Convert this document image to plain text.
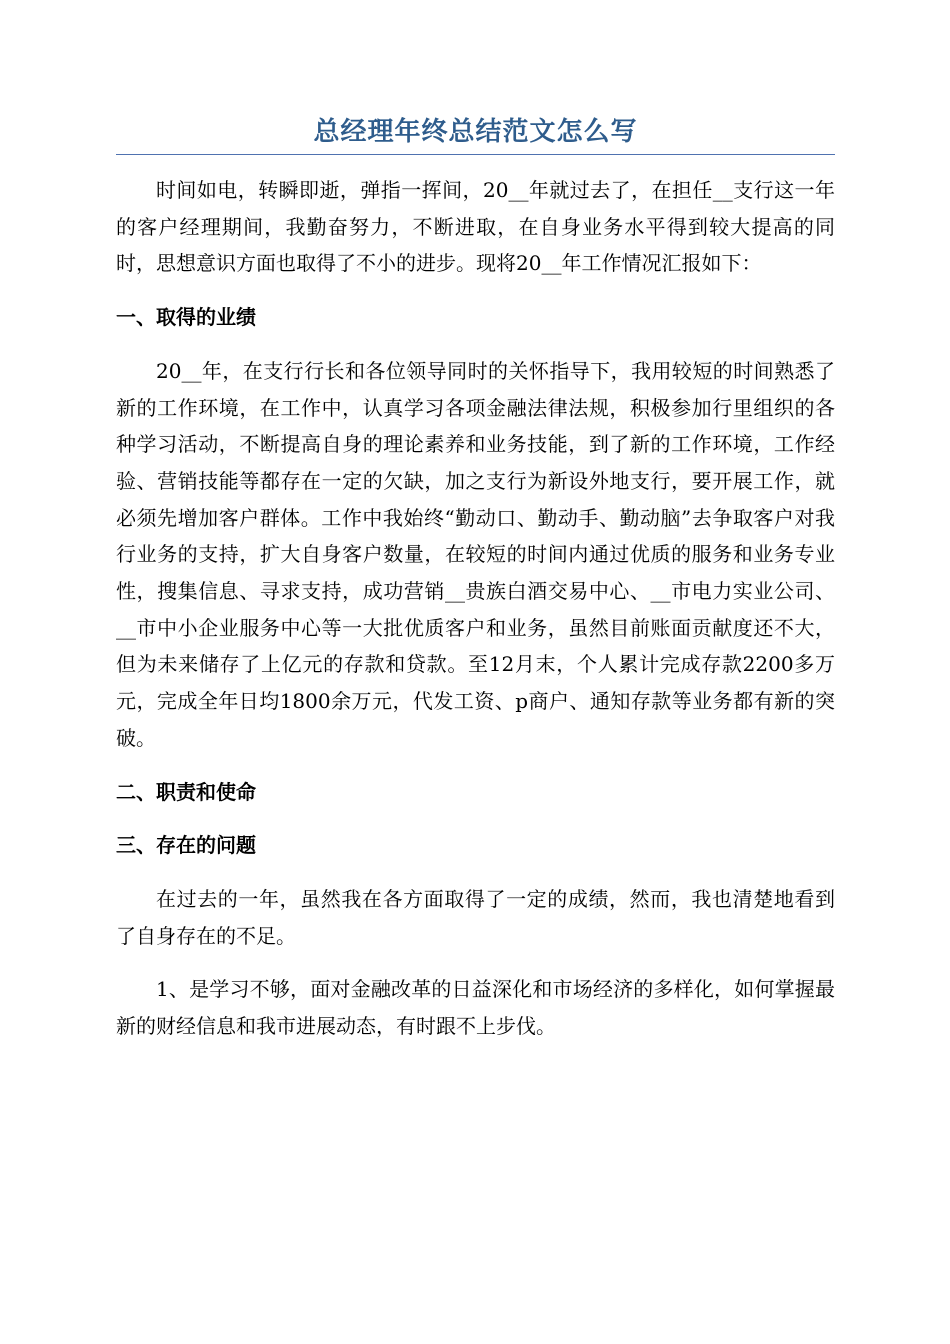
总经理年终总结范文怎么写

时间如电，转瞬即逝，弹指一挥间，20__年就过去了，在担任__支行这一年的客户经理期间，我勤奋努力，不断进取，在自身业务水平得到较大提高的同时，思想意识方面也取得了不小的进步。现将20__年工作情况汇报如下：

一、取得的业绩

20__年，在支行行长和各位领导同时的关怀指导下，我用较短的时间熟悉了新的工作环境，在工作中，认真学习各项金融法律法规，积极参加行里组织的各种学习活动，不断提高自身的理论素养和业务技能，到了新的工作环境，工作经验、营销技能等都存在一定的欠缺，加之支行为新设外地支行，要开展工作，就必须先增加客户群体。工作中我始终“勤动口、勤动手、勤动脑”去争取客户对我行业务的支持，扩大自身客户数量，在较短的时间内通过优质的服务和业务专业性，搜集信息、寻求支持，成功营销__贵族白酒交易中心、__市电力实业公司、__市中小企业服务中心等一大批优质客户和业务，虽然目前账面贡献度还不大，但为未来储存了上亿元的存款和贷款。至12月末，个人累计完成存款2200多万元，完成全年日均1800余万元，代发工资、p商户、通知存款等业务都有新的突破。

二、职责和使命
三、存在的问题

在过去的一年，虽然我在各方面取得了一定的成绩，然而，我也清楚地看到了自身存在的不足。

1、是学习不够，面对金融改革的日益深化和市场经济的多样化，如何掌握最新的财经信息和我市进展动态，有时跟不上步伐。
